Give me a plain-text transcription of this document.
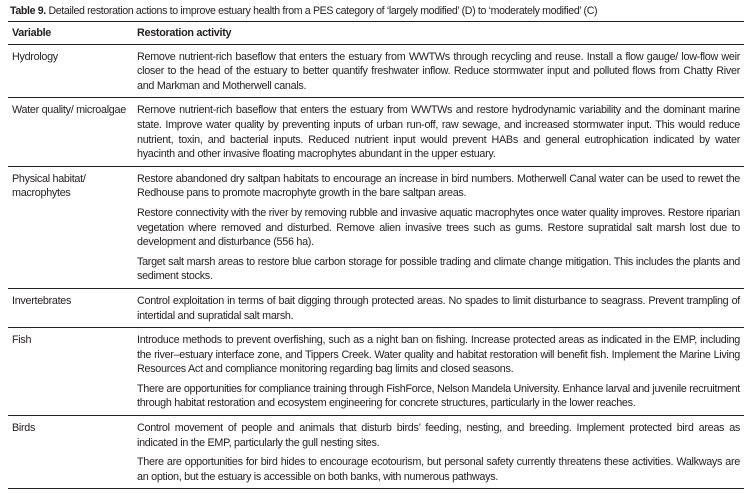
Table 9. Detailed restoration actions to improve estuary health from a PES category of ‘largely modified’ (D) to ‘moderately modified’ (C)
Variable	Restoration activity
Hydrology	Remove nutrient-rich baseflow that enters the estuary from WWTWs through recycling and reuse. Install a flow gauge/ low-flow weir closer to the head of the estuary to better quantify freshwater inflow. Reduce stormwater input and polluted flows from Chatty River and Markman and Motherwell canals.

Water quality/ microalgae	Remove nutrient-rich baseflow that enters the estuary from WWTWs and restore hydrodynamic variability and the dominant marine state. Improve water quality by preventing inputs of urban run-off, raw sewage, and increased stormwater input. This would reduce nutrient, toxin, and bacterial inputs. Reduced nutrient input would prevent HABs and general eutrophication indicated by water hyacinth and other invasive floating macrophytes abundant in the upper estuary.

Physical habitat/ macrophytes	Restore abandoned dry saltpan habitats to encourage an increase in bird numbers. Motherwell Canal water can be used to rewet the Redhouse pans to promote macrophyte growth in the bare saltpan areas.

Restore connectivity with the river by removing rubble and invasive aquatic macrophytes once water quality improves. Restore riparian vegetation where removed and disturbed. Remove alien invasive trees such as gums. Restore supratidal salt marsh lost due to development and disturbance (556 ha).

Target salt marsh areas to restore blue carbon storage for possible trading and climate change mitigation. This includes the plants and sediment stocks.

Invertebrates	Control exploitation in terms of bait digging through protected areas. No spades to limit disturbance to seagrass. Prevent trampling of intertidal and supratidal salt marsh.

Fish	Introduce methods to prevent overfishing, such as a night ban on fishing. Increase protected areas as indicated in the EMP, including the river–estuary interface zone, and Tippers Creek. Water quality and habitat restoration will benefit fish. Implement the Marine Living Resources Act and compliance monitoring regarding bag limits and closed seasons.

There are opportunities for compliance training through FishForce, Nelson Mandela University. Enhance larval and juvenile recruitment through habitat restoration and ecosystem engineering for concrete structures, particularly in the lower reaches.

Birds	Control movement of people and animals that disturb birds’ feeding, nesting, and breeding. Implement protected bird areas as indicated in the EMP, particularly the gull nesting sites.

There are opportunities for bird hides to encourage ecotourism, but personal safety currently threatens these activities. Walkways are an option, but the estuary is accessible on both banks, with numerous pathways.
